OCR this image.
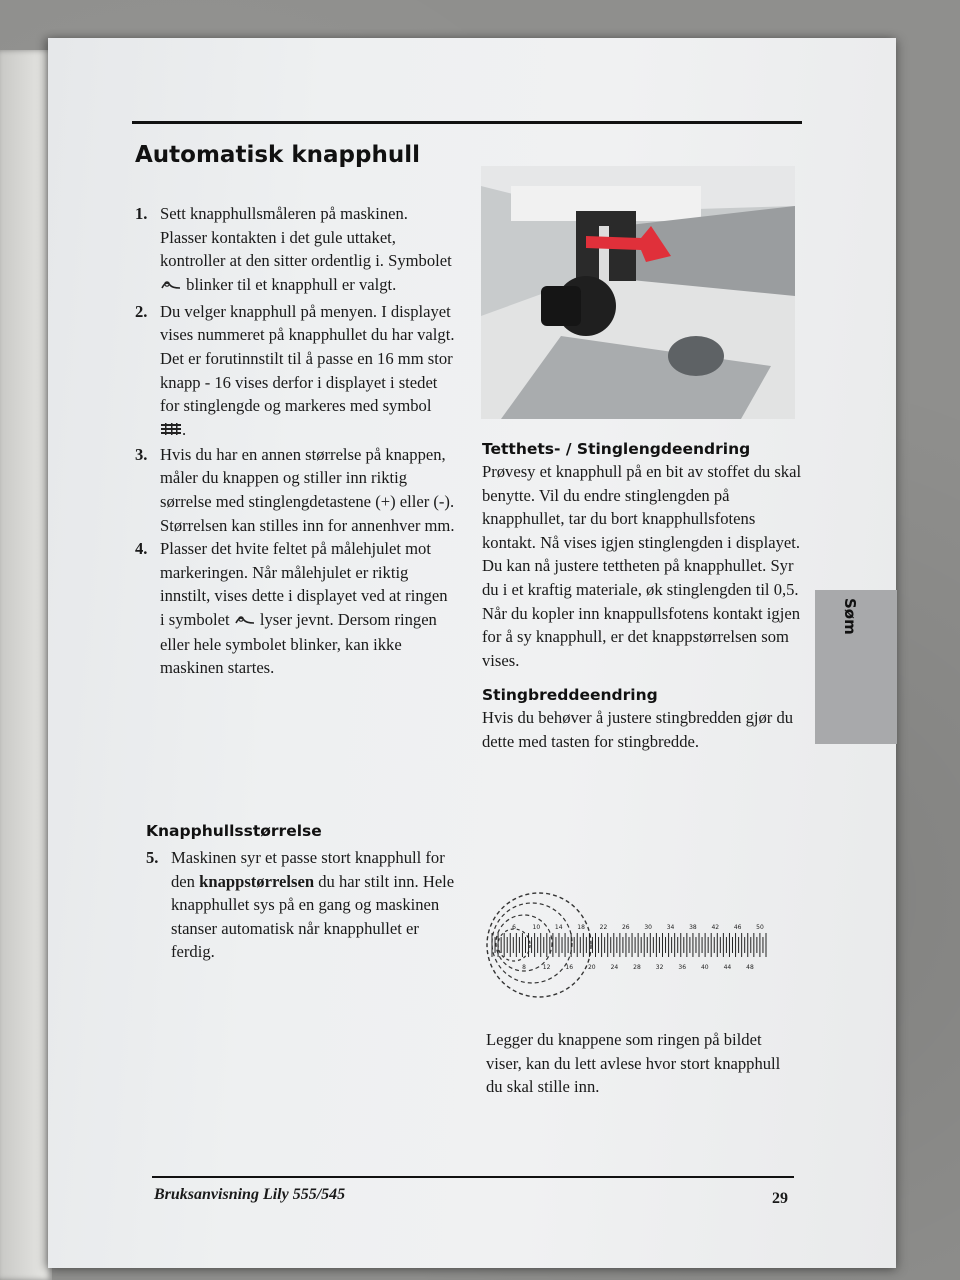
Automatisk knapphull
1. Sett knapphullsmåleren på maskinen. Plasser kontakten i det gule uttaket, kontroller at den sitter ordentlig i. Symbolet  blinker til et knapphull er valgt.
2. Du velger knapphull på menyen. I displayet vises nummeret på knapphullet du har valgt. Det er forutinnstilt til å passe en 16 mm stor knapp - 16 vises derfor i displayet i stedet for stinglengde og markeres med symbol .
3. Hvis du har en annen størrelse på knappen, måler du knappen og stiller inn riktig sørrelse med stinglengdetastene (+) eller (-). Størrelsen kan stilles inn for annenhver mm.
4. Plasser det hvite feltet på målehjulet mot markeringen. Når målehjulet er riktig innstilt, vises dette i displayet ved at ringen i symbolet  lyser jevnt. Dersom ringen eller hele symbolet blinker, kan ikke maskinen startes.
Knapphullsstørrelse
5. Maskinen syr et passe stort knapphull for den knappstørrelsen du har stilt inn. Hele knapphullet sys på en gang og maskinen stanser automatisk når knapphullet er ferdig.
Tetthets- / Stinglengdeendring

Prøvesy et knapphull på en bit av stoffet du skal benytte. Vil du endre stinglengden på knapphullet, tar du bort knapphullsfotens kontakt. Nå vises igjen stinglengden i displayet. Du kan nå justere tettheten på knapphullet. Syr du i et kraftig materiale, øk stinglengden til 0,5. Når du kopler inn knappullsfotens kontakt igjen for å sy knapphull, er det knappstørrelsen som vises.

Stingbreddeendring

Hvis du behøver å justere stingbredden gjør du dette med tasten for stingbredde.

6	10 14 18 22 26 30 34 38 42 46 50
8	12 16 20 24 28 32 36 40 44 48

Legger du knappene som ringen på bildet viser, kan du lett avlese hvor stort knapphull du skal stille inn.

Søm
Bruksanvisning Lily 555/545	29
